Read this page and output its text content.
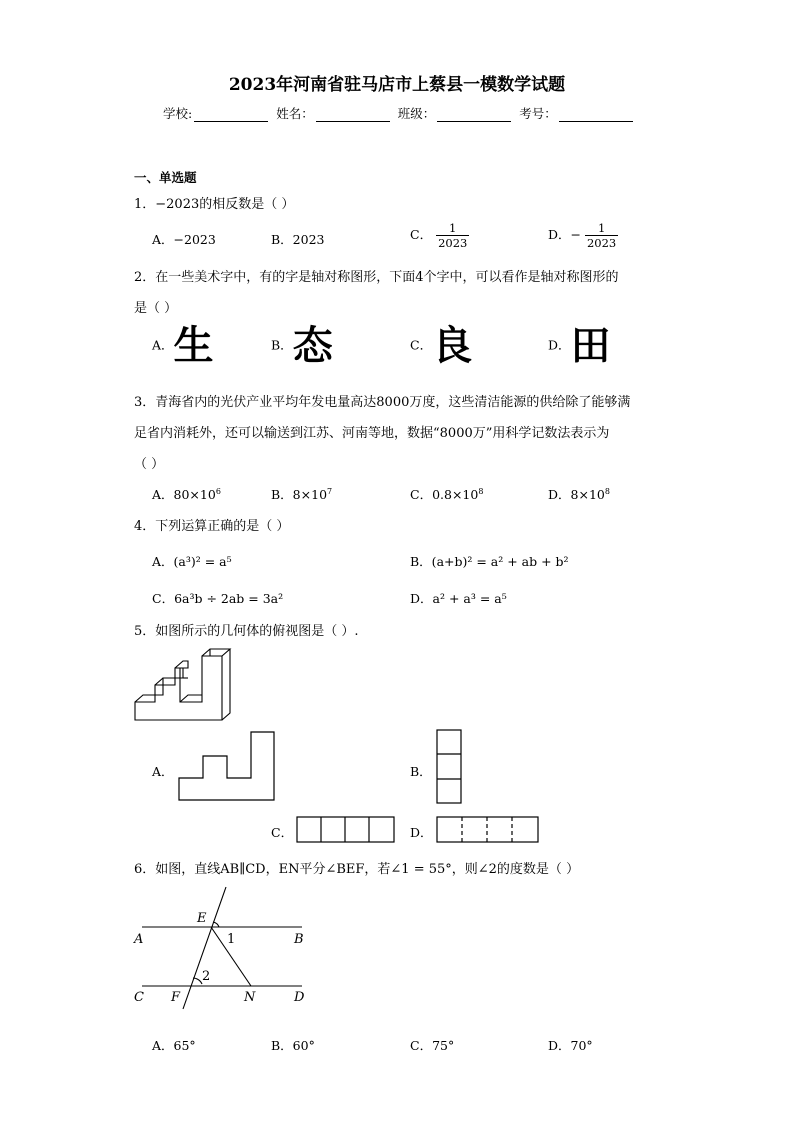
2023年河南省驻马店市上蔡县一模数学试题
学校:	姓名：	班级：	考号：
一、单选题
1．−2023的相反数是（ ）
A．−2023	B．2023	C． $\frac{1}{2023}$	D．− $\frac{1}{2023}$
2．在一些美术字中，有的字是轴对称图形，下面4个字中，可以看作是轴对称图形的
是（ ）
A．生	B．态	C．良	D．田
3．青海省内的光伏产业平均年发电量高达8000万度，这些清洁能源的供给除了能够满
足省内消耗外，还可以输送到江苏、河南等地，数据“8000万”用科学记数法表示为
（ ）
A．$80\times 10^6$	B．$8\times 10^7$	C．$0.8\times 10^8$	D．$8\times 10^8$
4．下列运算正确的是（ ）
A．(a³)² = a⁵	B．(a+b)² = a² + ab + b²
C．6a³b ÷ 2ab = 3a²	D．a² + a³ = a⁵
5．如图所示的几何体的俯视图是（ ）.
A．	B．
C．	D．
6．如图，直线AB∥CD，EN平分∠BEF，若∠1 = 55°，则∠2的度数是（ ）
E
A	B
C F	N	D
1
2
A．65°	B．60°	C．75°	D．70°
